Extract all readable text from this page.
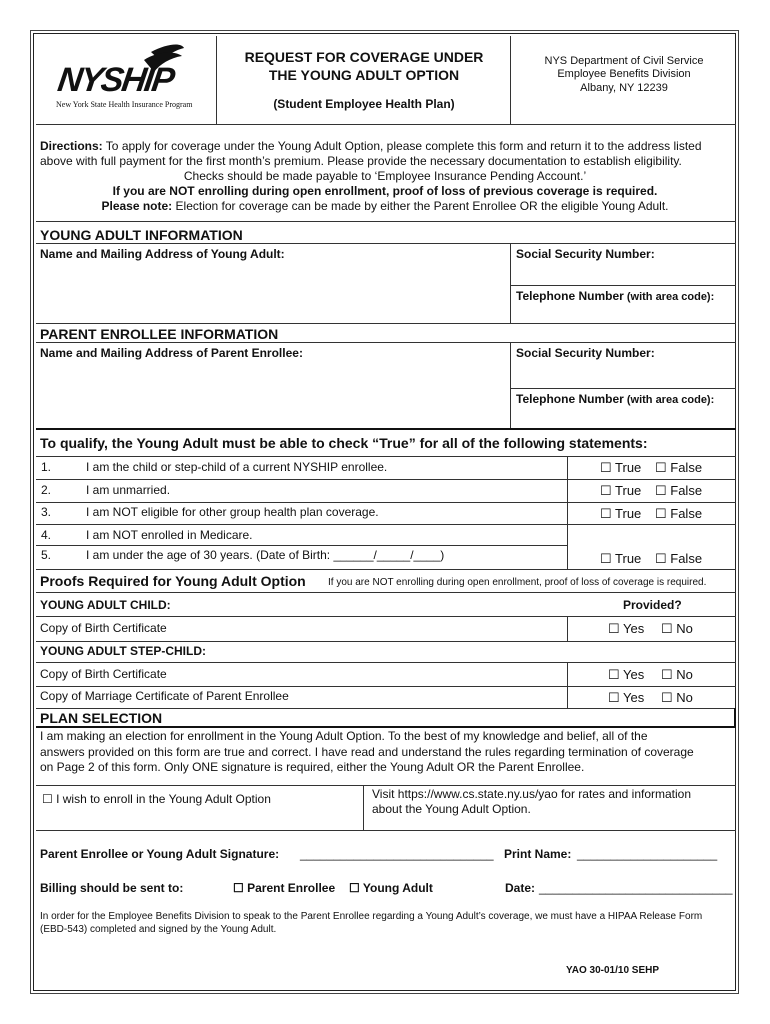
NYSHIP
New York State Health Insurance Program
REQUEST FOR COVERAGE UNDER
THE YOUNG ADULT OPTION
(Student Employee Health Plan)
NYS Department of Civil Service
Employee Benefits Division
Albany, NY 12239
Directions: To apply for coverage under the Young Adult Option, please complete this form and return it to the address listed
above with full payment for the first month’s premium. Please provide the necessary documentation to establish eligibility.
Checks should be made payable to ‘Employee Insurance Pending Account.’
If you are NOT enrolling during open enrollment, proof of loss of previous coverage is required.
Please note: Election for coverage can be made by either the Parent Enrollee OR the eligible Young Adult.
YOUNG ADULT INFORMATION
Name and Mailing Address of Young Adult:	Social Security Number:
Telephone Number (with area code):
PARENT ENROLLEE INFORMATION
Name and Mailing Address of Parent Enrollee:	Social Security Number:
Telephone Number (with area code):
To qualify, the Young Adult must be able to check “True” for all of the following statements:
1.	I am the child or step-child of a current NYSHIP enrollee.	☐ True ☐ False
2.	I am unmarried.	☐ True ☐ False
3.	I am NOT eligible for other group health plan coverage.	☐ True ☐ False
4.	I am NOT enrolled in Medicare.
5.	I am under the age of 30 years. (Date of Birth: ______/_____/____)	☐ True ☐ False
Proofs Required for Young Adult Option If you are NOT enrolling during open enrollment, proof of loss of coverage is required.
YOUNG ADULT CHILD:	Provided?
Copy of Birth Certificate	☐ Yes ☐ No
YOUNG ADULT STEP-CHILD:
Copy of Birth Certificate	☐ Yes ☐ No
Copy of Marriage Certificate of Parent Enrollee	☐ Yes ☐ No
PLAN SELECTION
I am making an election for enrollment in the Young Adult Option. To the best of my knowledge and belief, all of the
answers provided on this form are true and correct. I have read and understand the rules regarding termination of coverage
on Page 2 of this form. Only ONE signature is required, either the Young Adult OR the Parent Enrollee.
☐ I wish to enroll in the Young Adult Option	Visit https://www.cs.state.ny.us/yao for rates and information
about the Young Adult Option.
Parent Enrollee or Young Adult Signature: _____________________________ Print Name: _____________________
Billing should be sent to:	☐ Parent Enrollee ☐ Young Adult	Date: _____________________________
In order for the Employee Benefits Division to speak to the Parent Enrollee regarding a Young Adult’s coverage, we must have a HIPAA Release Form
(EBD-543) completed and signed by the Young Adult.
YAO 30-01/10 SEHP
